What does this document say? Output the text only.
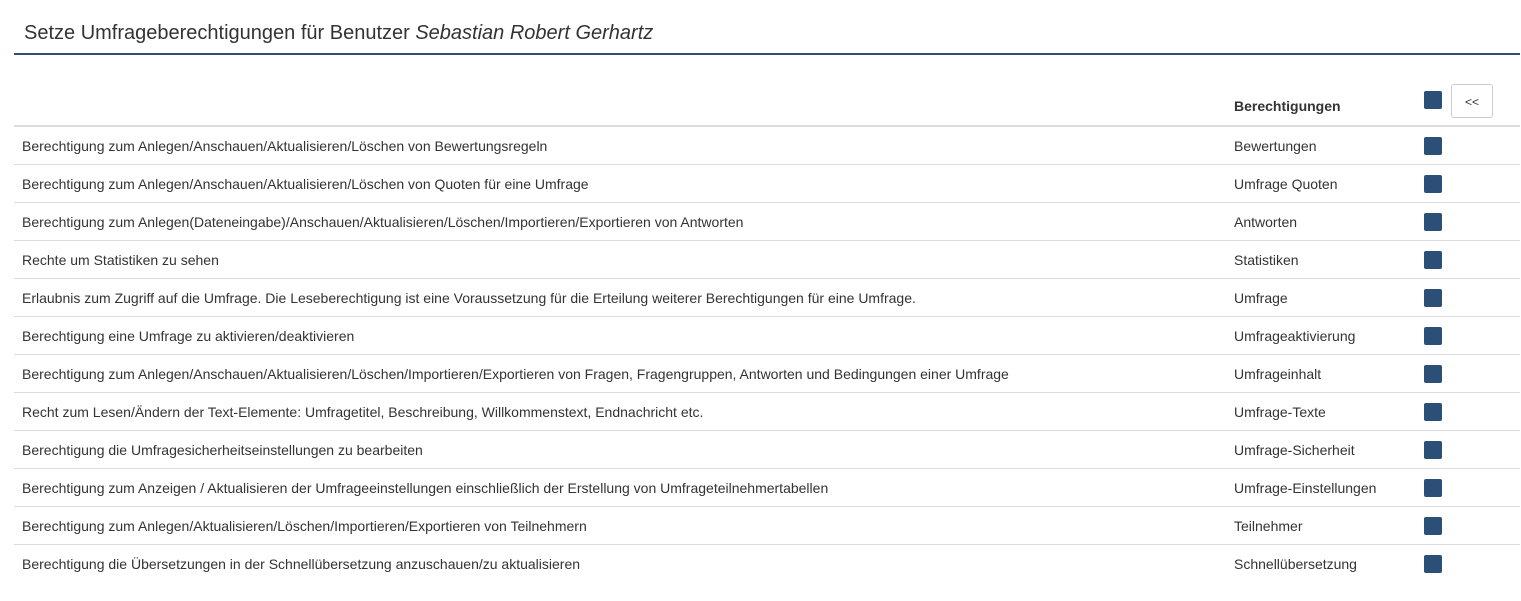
Setze Umfrageberechtigungen für Benutzer Sebastian Robert Gerhartz
	Berechtigungen	<<

Berechtigung zum Anlegen/Anschauen/Aktualisieren/Löschen von Bewertungsregeln	Bewertungen	
Berechtigung zum Anlegen/Anschauen/Aktualisieren/Löschen von Quoten für eine Umfrage	Umfrage Quoten	
Berechtigung zum Anlegen(Dateneingabe)/Anschauen/Aktualisieren/Löschen/Importieren/Exportieren von Antworten	Antworten	
Rechte um Statistiken zu sehen	Statistiken	
Erlaubnis zum Zugriff auf die Umfrage. Die Leseberechtigung ist eine Voraussetzung für die Erteilung weiterer Berechtigungen für eine Umfrage.	Umfrage	
Berechtigung eine Umfrage zu aktivieren/deaktivieren	Umfrageaktivierung	
Berechtigung zum Anlegen/Anschauen/Aktualisieren/Löschen/Importieren/Exportieren von Fragen, Fragengruppen, Antworten und Bedingungen einer Umfrage	Umfrageinhalt	
Recht zum Lesen/Ändern der Text-Elemente: Umfragetitel, Beschreibung, Willkommenstext, Endnachricht etc.	Umfrage-Texte	
Berechtigung die Umfragesicherheitseinstellungen zu bearbeiten	Umfrage-Sicherheit	
Berechtigung zum Anzeigen / Aktualisieren der Umfrageeinstellungen einschließlich der Erstellung von Umfrageteilnehmertabellen	Umfrage-Einstellungen	
Berechtigung zum Anlegen/Aktualisieren/Löschen/Importieren/Exportieren von Teilnehmern	Teilnehmer	
Berechtigung die Übersetzungen in der Schnellübersetzung anzuschauen/zu aktualisieren	Schnellübersetzung	
